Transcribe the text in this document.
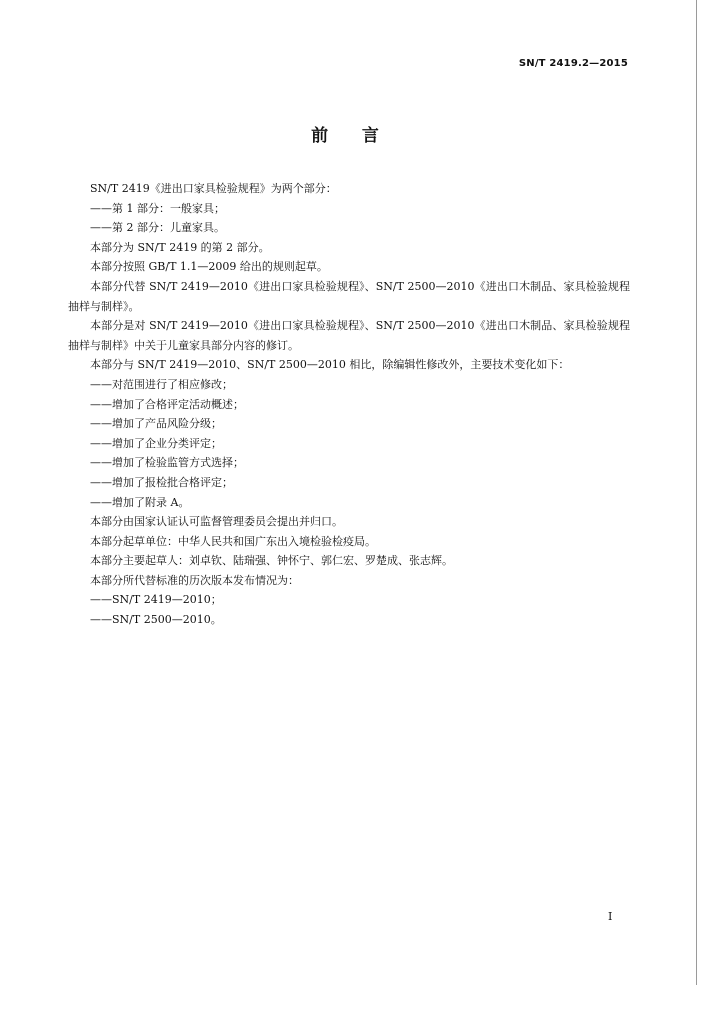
SN/T 2419.2—2015
前    言

SN/T 2419《进出口家具检验规程》为两个部分：

——第 1 部分：一般家具；

——第 2 部分：儿童家具。

本部分为 SN/T 2419 的第 2 部分。

本部分按照 GB/T 1.1—2009 给出的规则起草。

本部分代替 SN/T 2419—2010《进出口家具检验规程》、SN/T 2500—2010《进出口木制品、家具检验规程 抽样与制样》。

本部分是对 SN/T 2419—2010《进出口家具检验规程》、SN/T 2500—2010《进出口木制品、家具检验规程 抽样与制样》中关于儿童家具部分内容的修订。

本部分与 SN/T 2419—2010、SN/T 2500—2010 相比，除编辑性修改外，主要技术变化如下：

——对范围进行了相应修改；

——增加了合格评定活动概述；

——增加了产品风险分级；

——增加了企业分类评定；

——增加了检验监管方式选择；

——增加了报检批合格评定；

——增加了附录 A。

本部分由国家认证认可监督管理委员会提出并归口。

本部分起草单位：中华人民共和国广东出入境检验检疫局。

本部分主要起草人：刘卓钦、陆瑞强、钟怀宁、郭仁宏、罗楚成、张志辉。

本部分所代替标准的历次版本发布情况为：

——SN/T 2419—2010；

——SN/T 2500—2010。

I
